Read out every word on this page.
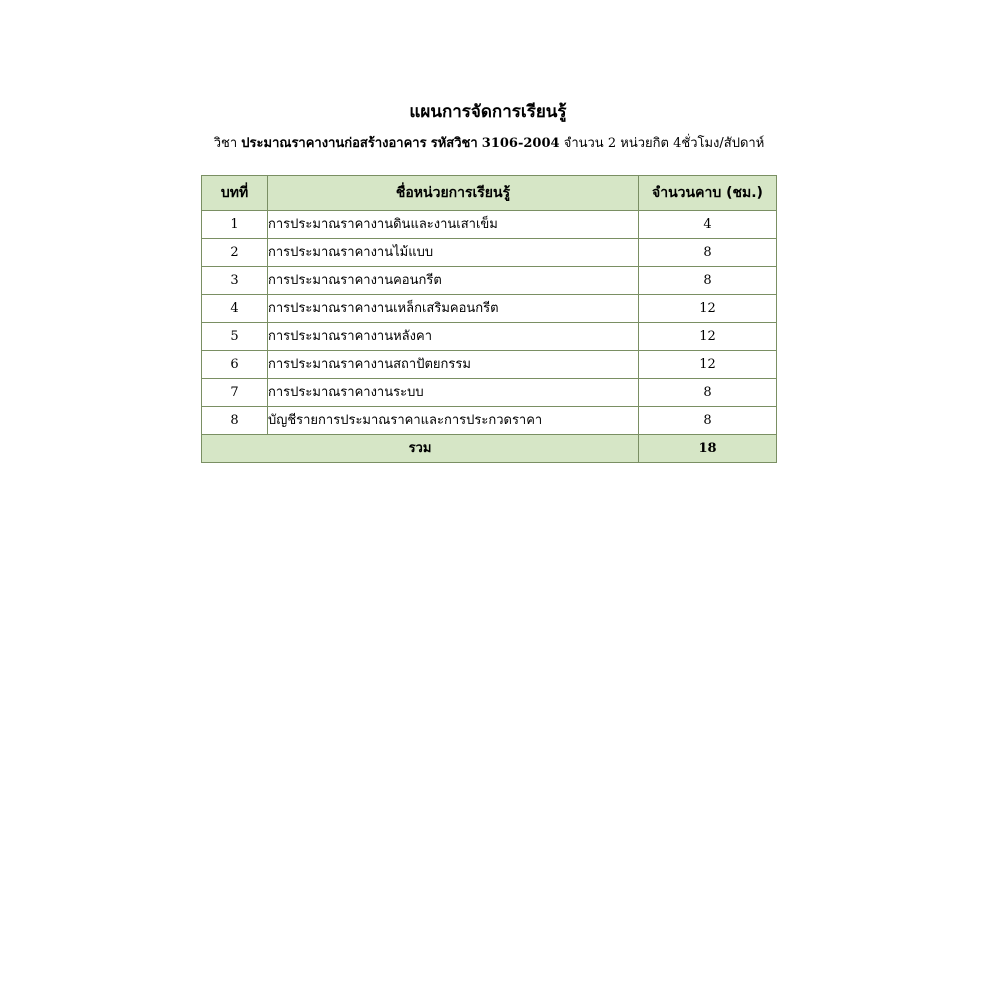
แผนการจัดการเรียนรู้
วิชา ประมาณราคางานก่อสร้างอาคาร รหัสวิชา 3106-2004 จำนวน 2 หน่วยกิต 4ชั่วโมง/สัปดาห์
บทที่	ชื่อหน่วยการเรียนรู้	จำนวนคาบ (ชม.)
1	การประมาณราคางานดินและงานเสาเข็ม	4
2	การประมาณราคางานไม้แบบ	8
3	การประมาณราคางานคอนกรีต	8
4	การประมาณราคางานเหล็กเสริมคอนกรีต	12
5	การประมาณราคางานหลังคา	12
6	การประมาณราคางานสถาปัตยกรรม	12
7	การประมาณราคางานระบบ	8
8	บัญชีรายการประมาณราคาและการประกวดราคา	8
รวม		18
